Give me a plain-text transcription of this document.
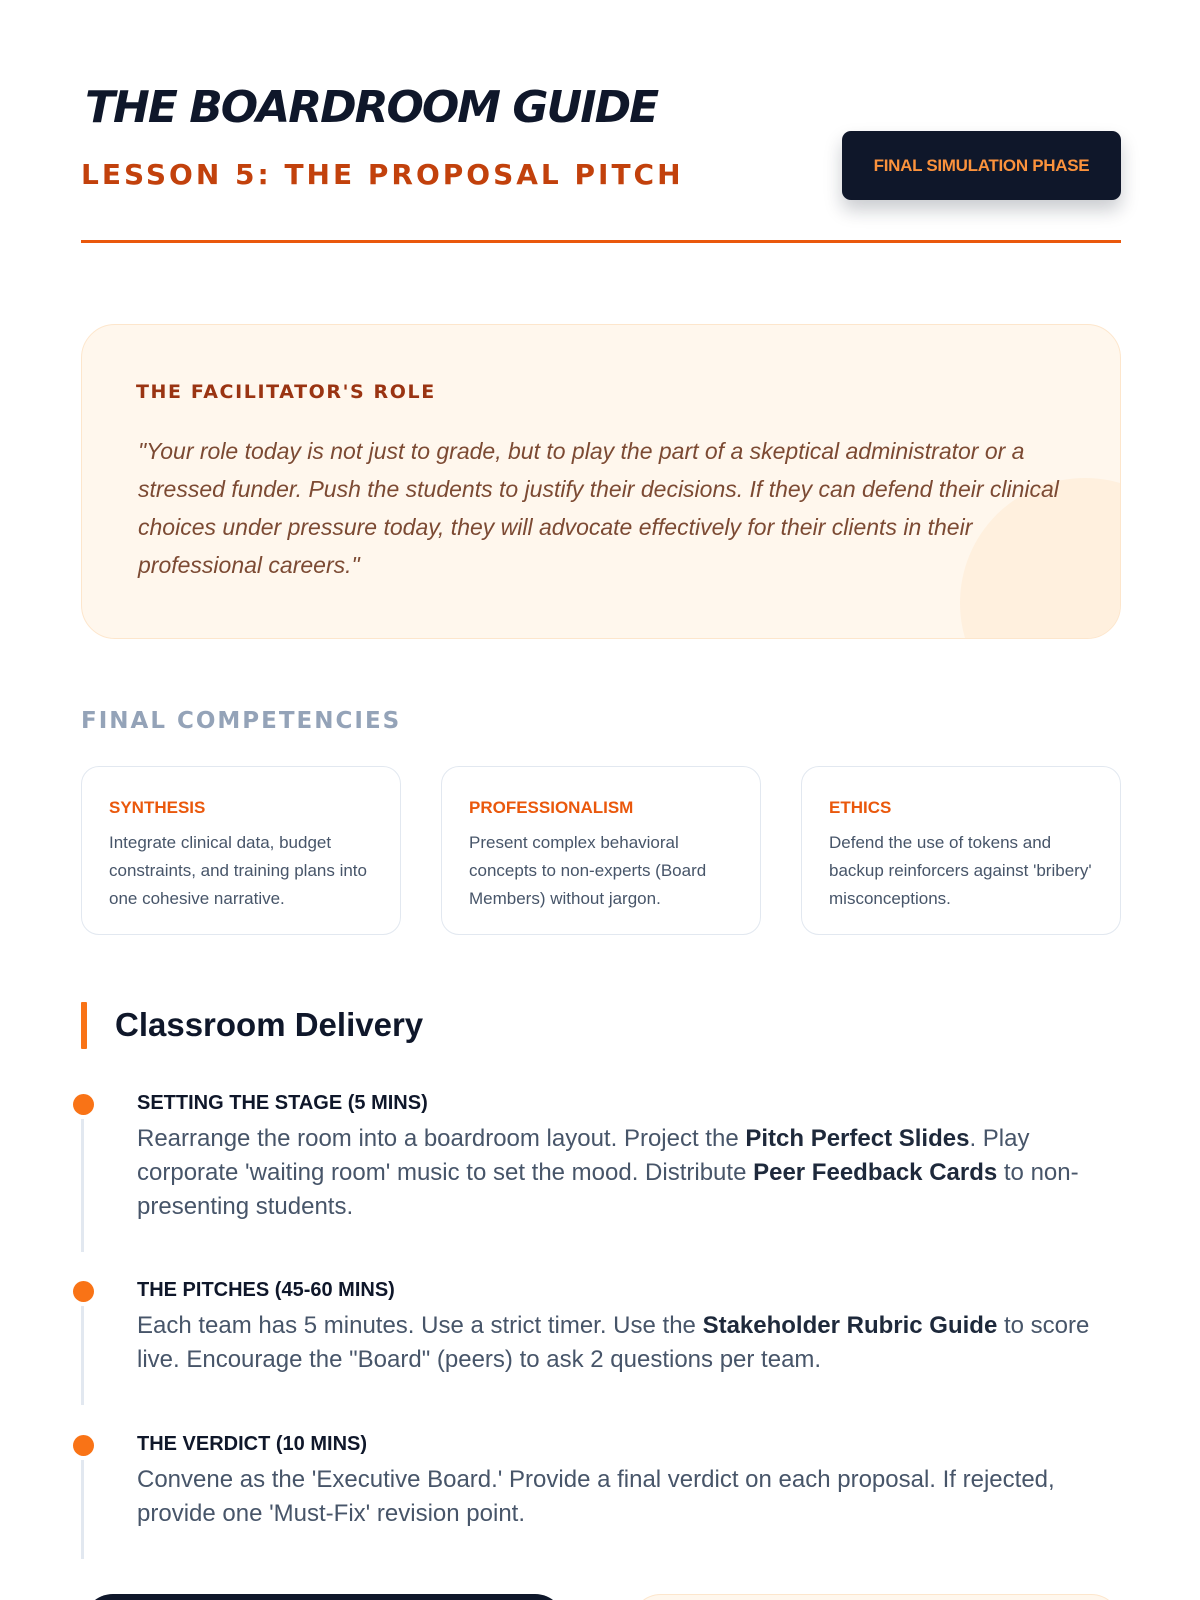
THE BOARDROOM GUIDE
LESSON 5: THE PROPOSAL PITCH	FINAL SIMULATION PHASE
THE FACILITATOR'S ROLE

"Your role today is not just to grade, but to play the part of a skeptical administrator or a stressed funder. Push the students to justify their decisions. If they can defend their clinical choices under pressure today, they will advocate effectively for their clients in their professional careers."

FINAL COMPETENCIES
SYNTHESIS
Integrate clinical data, budget constraints, and training plans into one cohesive narrative.
PROFESSIONALISM
Present complex behavioral concepts to non-experts (Board Members) without jargon.
ETHICS
Defend the use of tokens and backup reinforcers against 'bribery' misconceptions.
Classroom Delivery
SETTING THE STAGE (5 MINS)

Rearrange the room into a boardroom layout. Project the Pitch Perfect Slides. Play corporate 'waiting room' music to set the mood. Distribute Peer Feedback Cards to non-presenting students.

THE PITCHES (45-60 MINS)

Each team has 5 minutes. Use a strict timer. Use the Stakeholder Rubric Guide to score live. Encourage the "Board" (peers) to ask 2 questions per team.

THE VERDICT (10 MINS)

Convene as the 'Executive Board.' Provide a final verdict on each proposal. If rejected, provide one 'Must-Fix' revision point.
